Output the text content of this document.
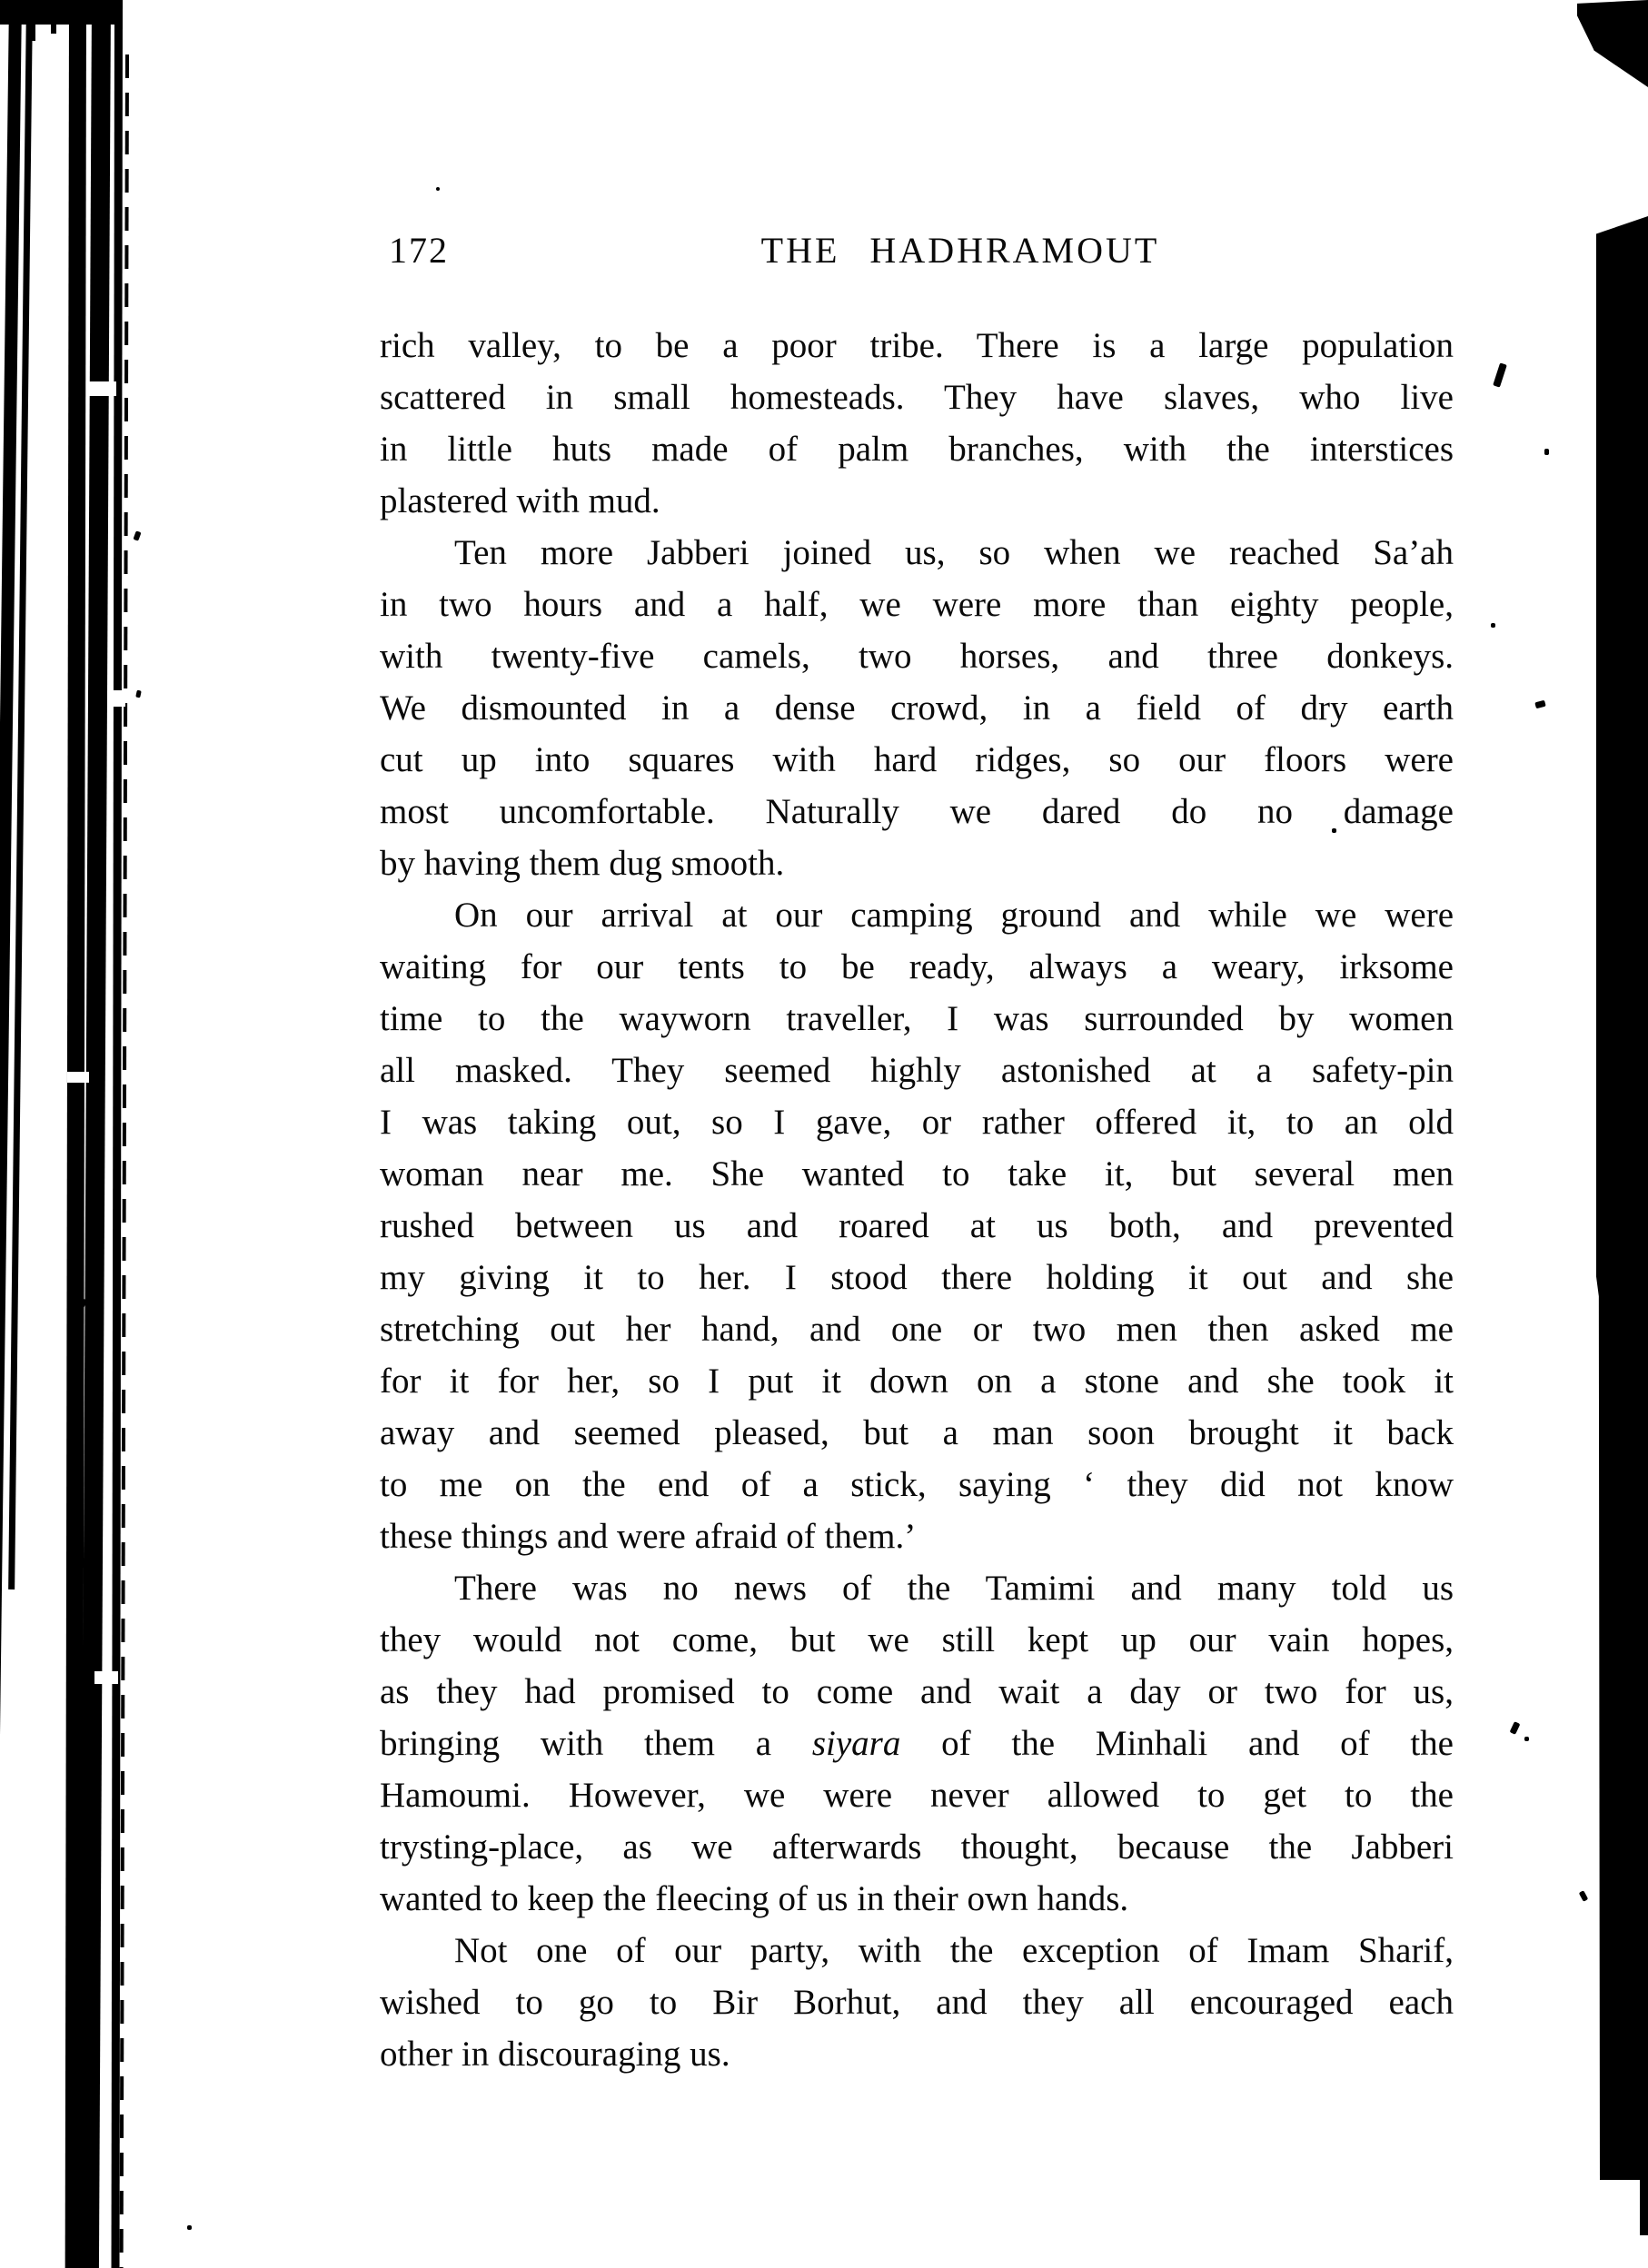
172	THE HADHRAMOUT
rich valley, to be a poor tribe. There is a large population
scattered in small homesteads. They have slaves, who live
in little huts made of palm branches, with the interstices
plastered with mud.
Ten more Jabberi joined us, so when we reached Sa’ah
in two hours and a half, we were more than eighty people,
with twenty-five camels, two horses, and three donkeys.
We dismounted in a dense crowd, in a field of dry earth
cut up into squares with hard ridges, so our floors were
most uncomfortable. Naturally we dared do no damage
by having them dug smooth.
On our arrival at our camping ground and while we were
waiting for our tents to be ready, always a weary, irksome
time to the wayworn traveller, I was surrounded by women
all masked. They seemed highly astonished at a safety-pin
I was taking out, so I gave, or rather offered it, to an old
woman near me. She wanted to take it, but several men
rushed between us and roared at us both, and prevented
my giving it to her. I stood there holding it out and she
stretching out her hand, and one or two men then asked me
for it for her, so I put it down on a stone and she took it
away and seemed pleased, but a man soon brought it back
to me on the end of a stick, saying ‘ they did not know
these things and were afraid of them.’
There was no news of the Tamimi and many told us
they would not come, but we still kept up our vain hopes,
as they had promised to come and wait a day or two for us,
bringing with them a siyara of the Minhali and of the
Hamoumi. However, we were never allowed to get to the
trysting-place, as we afterwards thought, because the Jabberi
wanted to keep the fleecing of us in their own hands.
Not one of our party, with the exception of Imam Sharif,
wished to go to Bir Borhut, and they all encouraged each
other in discouraging us.
